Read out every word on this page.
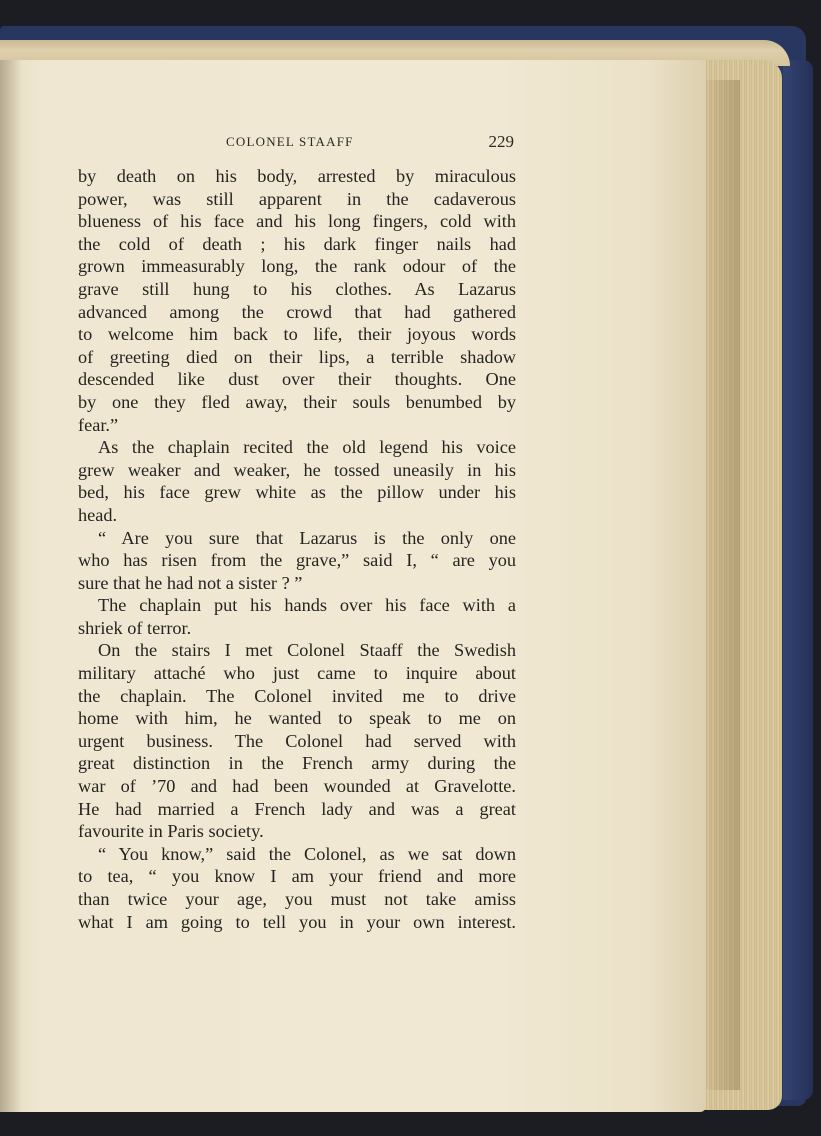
COLONEL STAAFF	229
by death on his body, arrested by miraculous
power, was still apparent in the cadaverous
blueness of his face and his long fingers, cold with
the cold of death ; his dark finger nails had
grown immeasurably long, the rank odour of the
grave still hung to his clothes. As Lazarus
advanced among the crowd that had gathered
to welcome him back to life, their joyous words
of greeting died on their lips, a terrible shadow
descended like dust over their thoughts. One
by one they fled away, their souls benumbed by
fear.”
As the chaplain recited the old legend his voice
grew weaker and weaker, he tossed uneasily in his
bed, his face grew white as the pillow under his
head.
“ Are you sure that Lazarus is the only one
who has risen from the grave,” said I, “ are you
sure that he had not a sister ? ”
The chaplain put his hands over his face with a
shriek of terror.
On the stairs I met Colonel Staaff the Swedish
military attaché who just came to inquire about
the chaplain. The Colonel invited me to drive
home with him, he wanted to speak to me on
urgent business. The Colonel had served with
great distinction in the French army during the
war of ’70 and had been wounded at Gravelotte.
He had married a French lady and was a great
favourite in Paris society.
“ You know,” said the Colonel, as we sat down
to tea, “ you know I am your friend and more
than twice your age, you must not take amiss
what I am going to tell you in your own interest.
